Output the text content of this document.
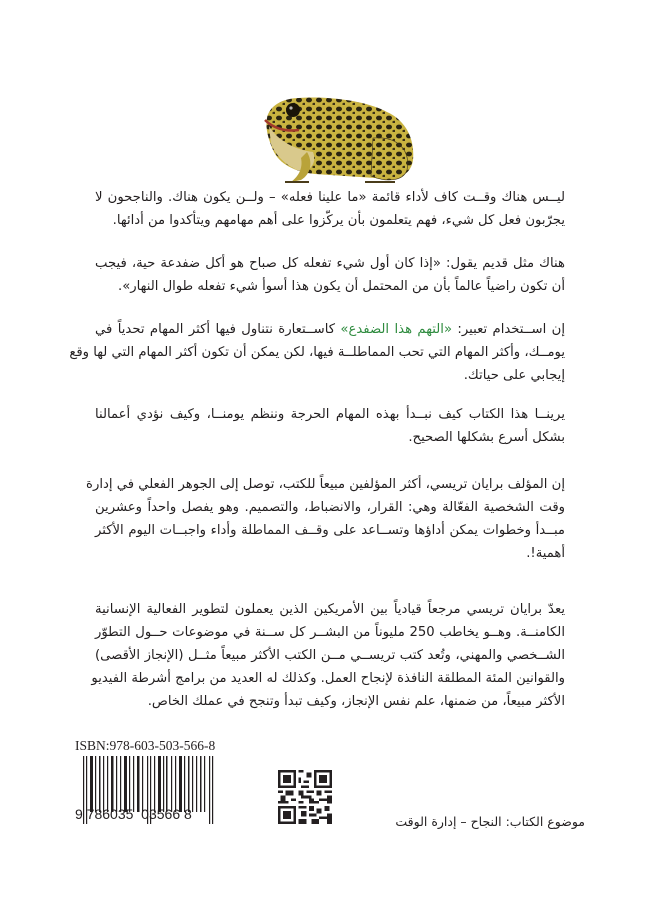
ليــس هناك وقــت كاف لأداء قائمة «ما علينا فعله» – ولــن يكون هناك. والناجحون لا
يجرّبون فعل كل شيء، فهم يتعلمون بأن يركّزوا على أهم مهامهم ويتأكدوا من أدائها.
هناك مثل قديم يقول: «إذا كان أول شيء تفعله كل صباح هو أكل ضفدعة حية، فيجب
أن تكون راضياً عالماً بأن من المحتمل أن يكون هذا أسوأ شيء تفعله طوال النهار».
إن اســتخدام تعبير: «التهم هذا الضفدع» كاســتعارة نتناول فيها أكثر المهام تحدياً في
يومــك، وأكثر المهام التي تحب المماطلــة فيها، لكن يمكن أن تكون أكثر المهام التي لها وقع
إيجابي على حياتك.
يرينــا هذا الكتاب كيف نبــدأ بهذه المهام الحرجة وننظم يومنــا، وكيف نؤدي أعمالنا
بشكل أسرع بشكلها الصحيح.
إن المؤلف برايان تريسي، أكثر المؤلفين مبيعاً للكتب، توصل إلى الجوهر الفعلي في إدارة
وقت الشخصية الفعّالة وهي: القرار، والانضباط، والتصميم. وهو يفصل واحداً وعشرين
مبــدأ وخطوات يمكن أداؤها وتســاعد على وقــف المماطلة وأداء واجبــات اليوم الأكثر
أهمية!.
يعدّ برايان تريسي مرجعاً قيادياً بين الأمريكين الذين يعملون لتطوير الفعالية الإنسانية
الكامنــة. وهــو يخاطب 250 مليوناً من البشــر كل ســنة في موضوعات حــول التطوّر
الشــخصي والمهني، وتُعد كتب تريســي مــن الكتب الأكثر مبيعاً مثــل (الإنجاز الأقصى)
والقوانين المئة المطلقة النافذة لإنجاح العمل. وكذلك له العديد من برامج أشرطة الفيديو
الأكثر مبيعاً، من ضمنها، علم نفس الإنجاز، وكيف تبدأ وتنجح في عملك الخاص.
ISBN:978-603-503-566-8
9 786035  03566 8	موضوع الكتاب: النجاح – إدارة الوقت
